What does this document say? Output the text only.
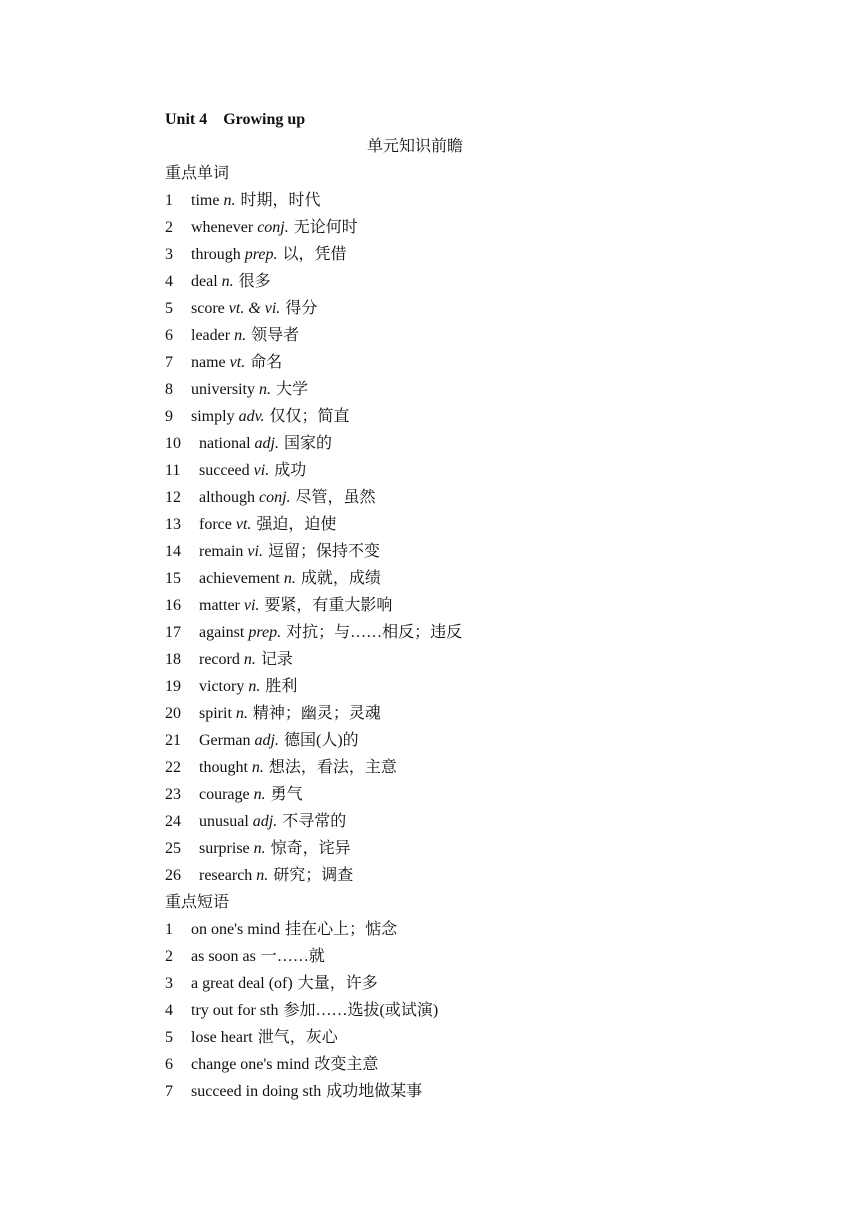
Unit 4    Growing up
单元知识前瞻
重点单词
1 time n. 时期，时代
2 whenever conj. 无论何时
3 through prep. 以，凭借
4 deal n. 很多
5 score vt. & vi. 得分
6 leader n. 领导者
7 name vt. 命名
8 university n. 大学
9 simply adv. 仅仅；简直
10 national adj. 国家的
11 succeed vi. 成功
12 although conj. 尽管，虽然
13 force vt. 强迫，迫使
14 remain vi. 逗留；保持不变
15 achievement n. 成就，成绩
16 matter vi. 要紧，有重大影响
17 against prep. 对抗；与……相反；违反
18 record n. 记录
19 victory n. 胜利
20 spirit n. 精神；幽灵；灵魂
21 German adj. 德国(人)的
22 thought n. 想法，看法，主意
23 courage n. 勇气
24 unusual adj. 不寻常的
25 surprise n. 惊奇，诧异
26 research n. 研究；调查
重点短语
1 on one's mind 挂在心上；惦念
2 as soon as 一……就
3 a great deal (of) 大量，许多
4 try out for sth 参加……选拔(或试演)
5 lose heart 泄气，灰心
6 change one's mind 改变主意
7 succeed in doing sth 成功地做某事
